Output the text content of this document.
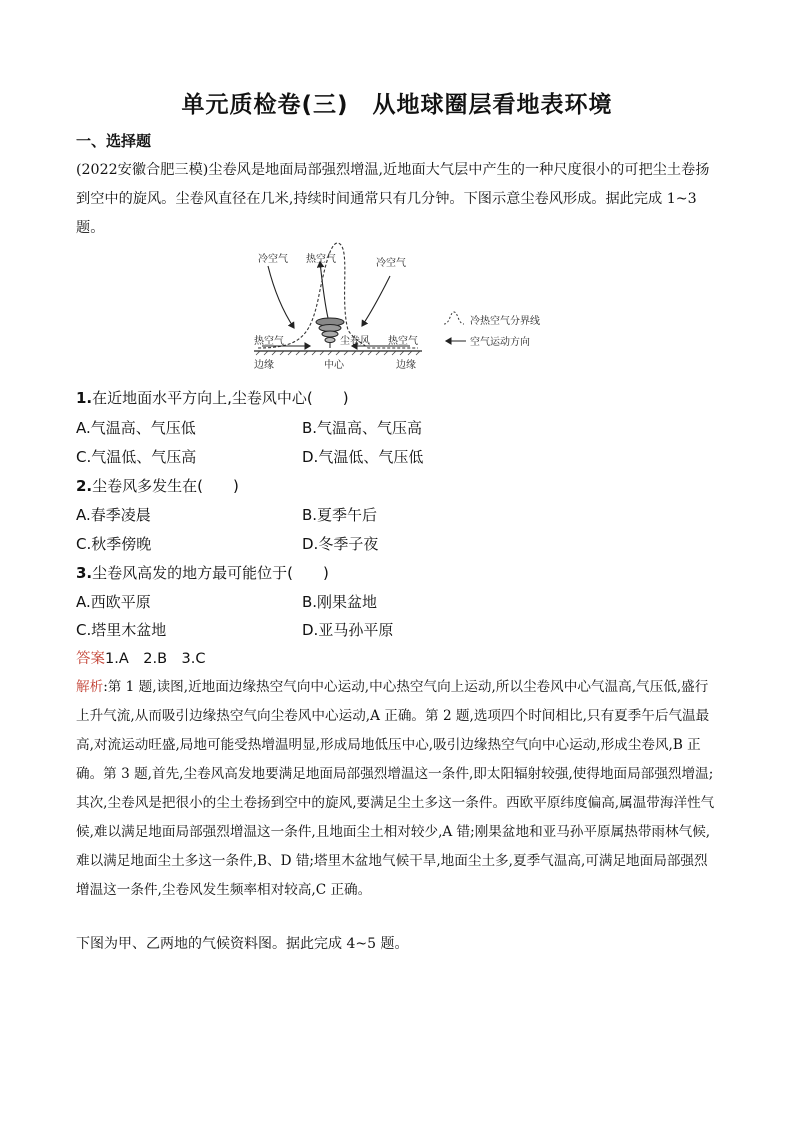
单元质检卷(三)　从地球圈层看地表环境
一、选择题
(2022安徽合肥三模)尘卷风是地面局部强烈增温,近地面大气层中产生的一种尺度很小的可把尘土卷扬到空中的旋风。尘卷风直径在几米,持续时间通常只有几分钟。下图示意尘卷风形成。据此完成 1~3 题。
冷空气 热空气	冷空气
热空气	尘卷风 热空气
边缘	中心	边缘
冷热空气分界线
空气运动方向
1.在近地面水平方向上,尘卷风中心(　　)
A.气温高、气压低	B.气温高、气压高
C.气温低、气压高	D.气温低、气压低
2.尘卷风多发生在(　　)
A.春季凌晨	B.夏季午后
C.秋季傍晚	D.冬季子夜
3.尘卷风高发的地方最可能位于(　　)
A.西欧平原	B.刚果盆地
C.塔里木盆地	D.亚马孙平原
答案1.A　2.B　3.C
解析:第 1 题,读图,近地面边缘热空气向中心运动,中心热空气向上运动,所以尘卷风中心气温高,气压低,盛行上升气流,从而吸引边缘热空气向尘卷风中心运动,A 正确。第 2 题,选项四个时间相比,只有夏季午后气温最高,对流运动旺盛,局地可能受热增温明显,形成局地低压中心,吸引边缘热空气向中心运动,形成尘卷风,B 正确。第 3 题,首先,尘卷风高发地要满足地面局部强烈增温这一条件,即太阳辐射较强,使得地面局部强烈增温;其次,尘卷风是把很小的尘土卷扬到空中的旋风,要满足尘土多这一条件。西欧平原纬度偏高,属温带海洋性气候,难以满足地面局部强烈增温这一条件,且地面尘土相对较少,A 错;刚果盆地和亚马孙平原属热带雨林气候,难以满足地面尘土多这一条件,B、D 错;塔里木盆地气候干旱,地面尘土多,夏季气温高,可满足地面局部强烈增温这一条件,尘卷风发生频率相对较高,C 正确。
下图为甲、乙两地的气候资料图。据此完成 4~5 题。
